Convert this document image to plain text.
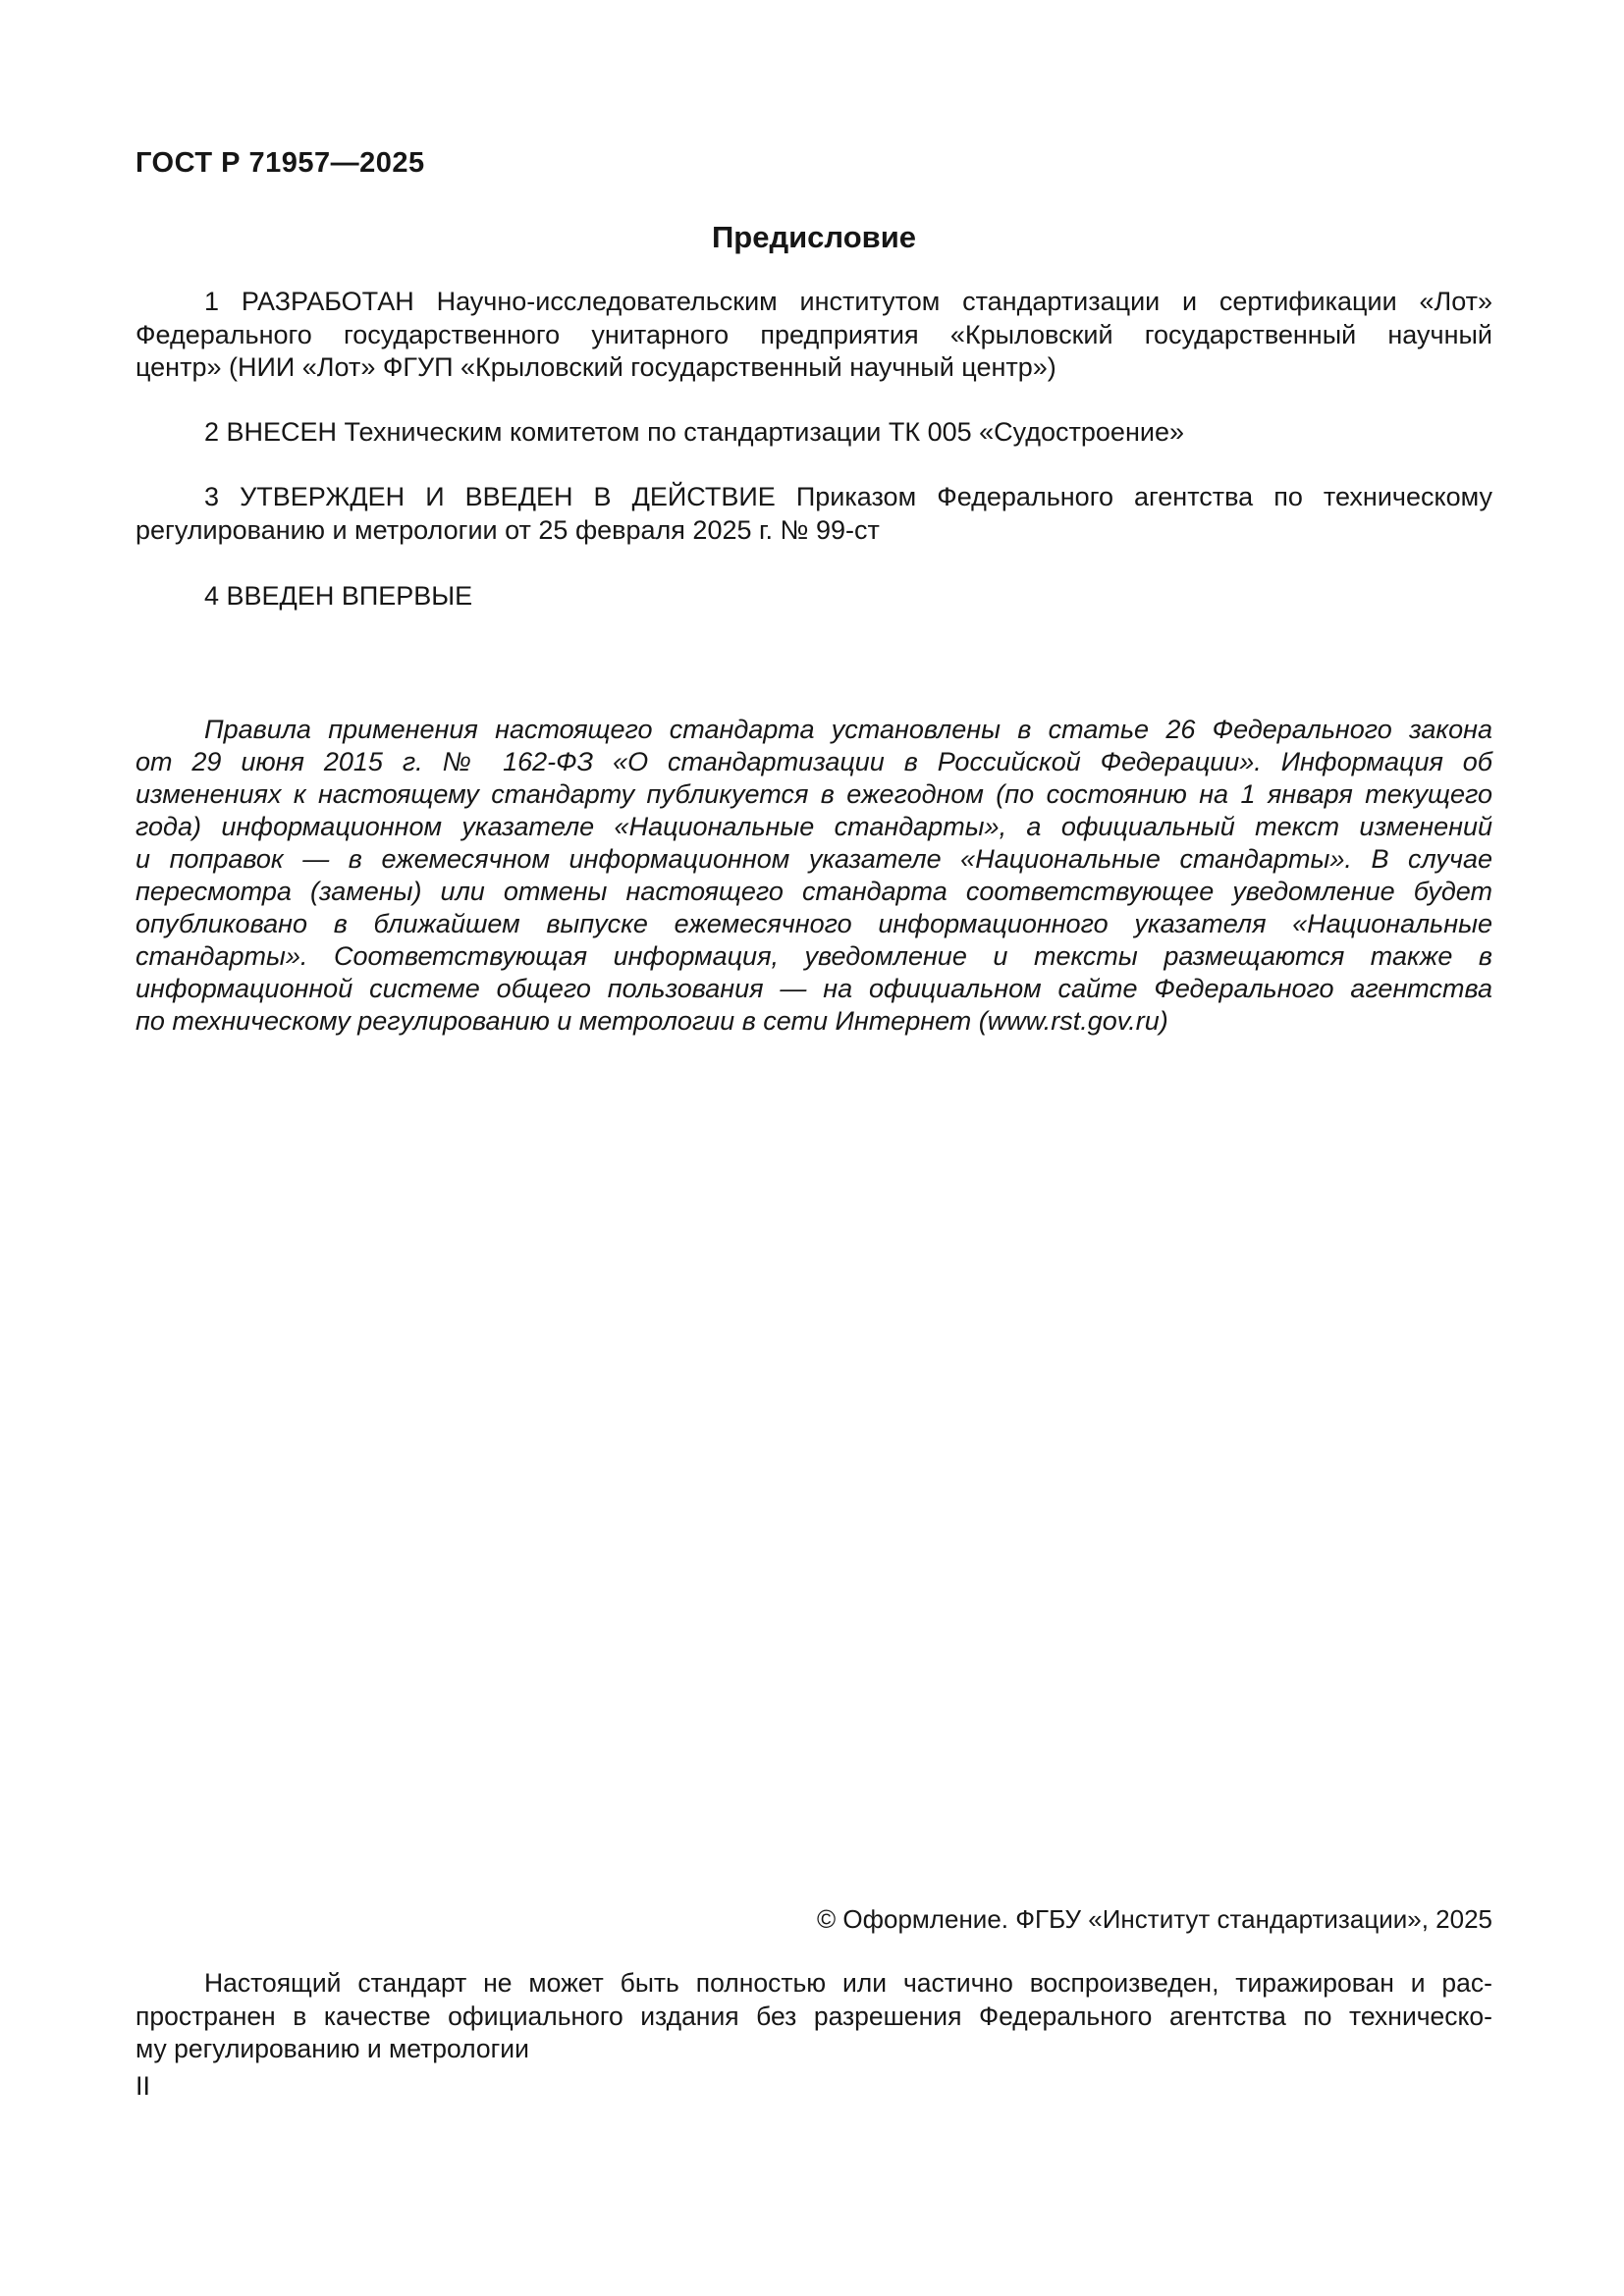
ГОСТ Р 71957—2025
Предисловие
1 РАЗРАБОТАН Научно-исследовательским институтом стандартизации и сертификации «Лот»
Федерального государственного унитарного предприятия «Крыловский государственный научный
центр» (НИИ «Лот» ФГУП «Крыловский государственный научный центр»)
2 ВНЕСЕН Техническим комитетом по стандартизации ТК 005 «Судостроение»
3 УТВЕРЖДЕН И ВВЕДЕН В ДЕЙСТВИЕ Приказом Федерального агентства по техническому
регулированию и метрологии от 25 февраля 2025 г. № 99-ст
4 ВВЕДЕН ВПЕРВЫЕ
Правила применения настоящего стандарта установлены в статье 26 Федерального закона
от 29 июня 2015 г. № 162-ФЗ «О стандартизации в Российской Федерации». Информация об
изменениях к настоящему стандарту публикуется в ежегодном (по состоянию на 1 января текущего
года) информационном указателе «Национальные стандарты», а официальный текст изменений
и поправок — в ежемесячном информационном указателе «Национальные стандарты». В случае
пересмотра (замены) или отмены настоящего стандарта соответствующее уведомление будет
опубликовано в ближайшем выпуске ежемесячного информационного указателя «Национальные
стандарты». Соответствующая информация, уведомление и тексты размещаются также в
информационной системе общего пользования — на официальном сайте Федерального агентства
по техническому регулированию и метрологии в сети Интернет (www.rst.gov.ru)
© Оформление. ФГБУ «Институт стандартизации», 2025
Настоящий стандарт не может быть полностью или частично воспроизведен, тиражирован и рас-
пространен в качестве официального издания без разрешения Федерального агентства по техническо-
му регулированию и метрологии
II
